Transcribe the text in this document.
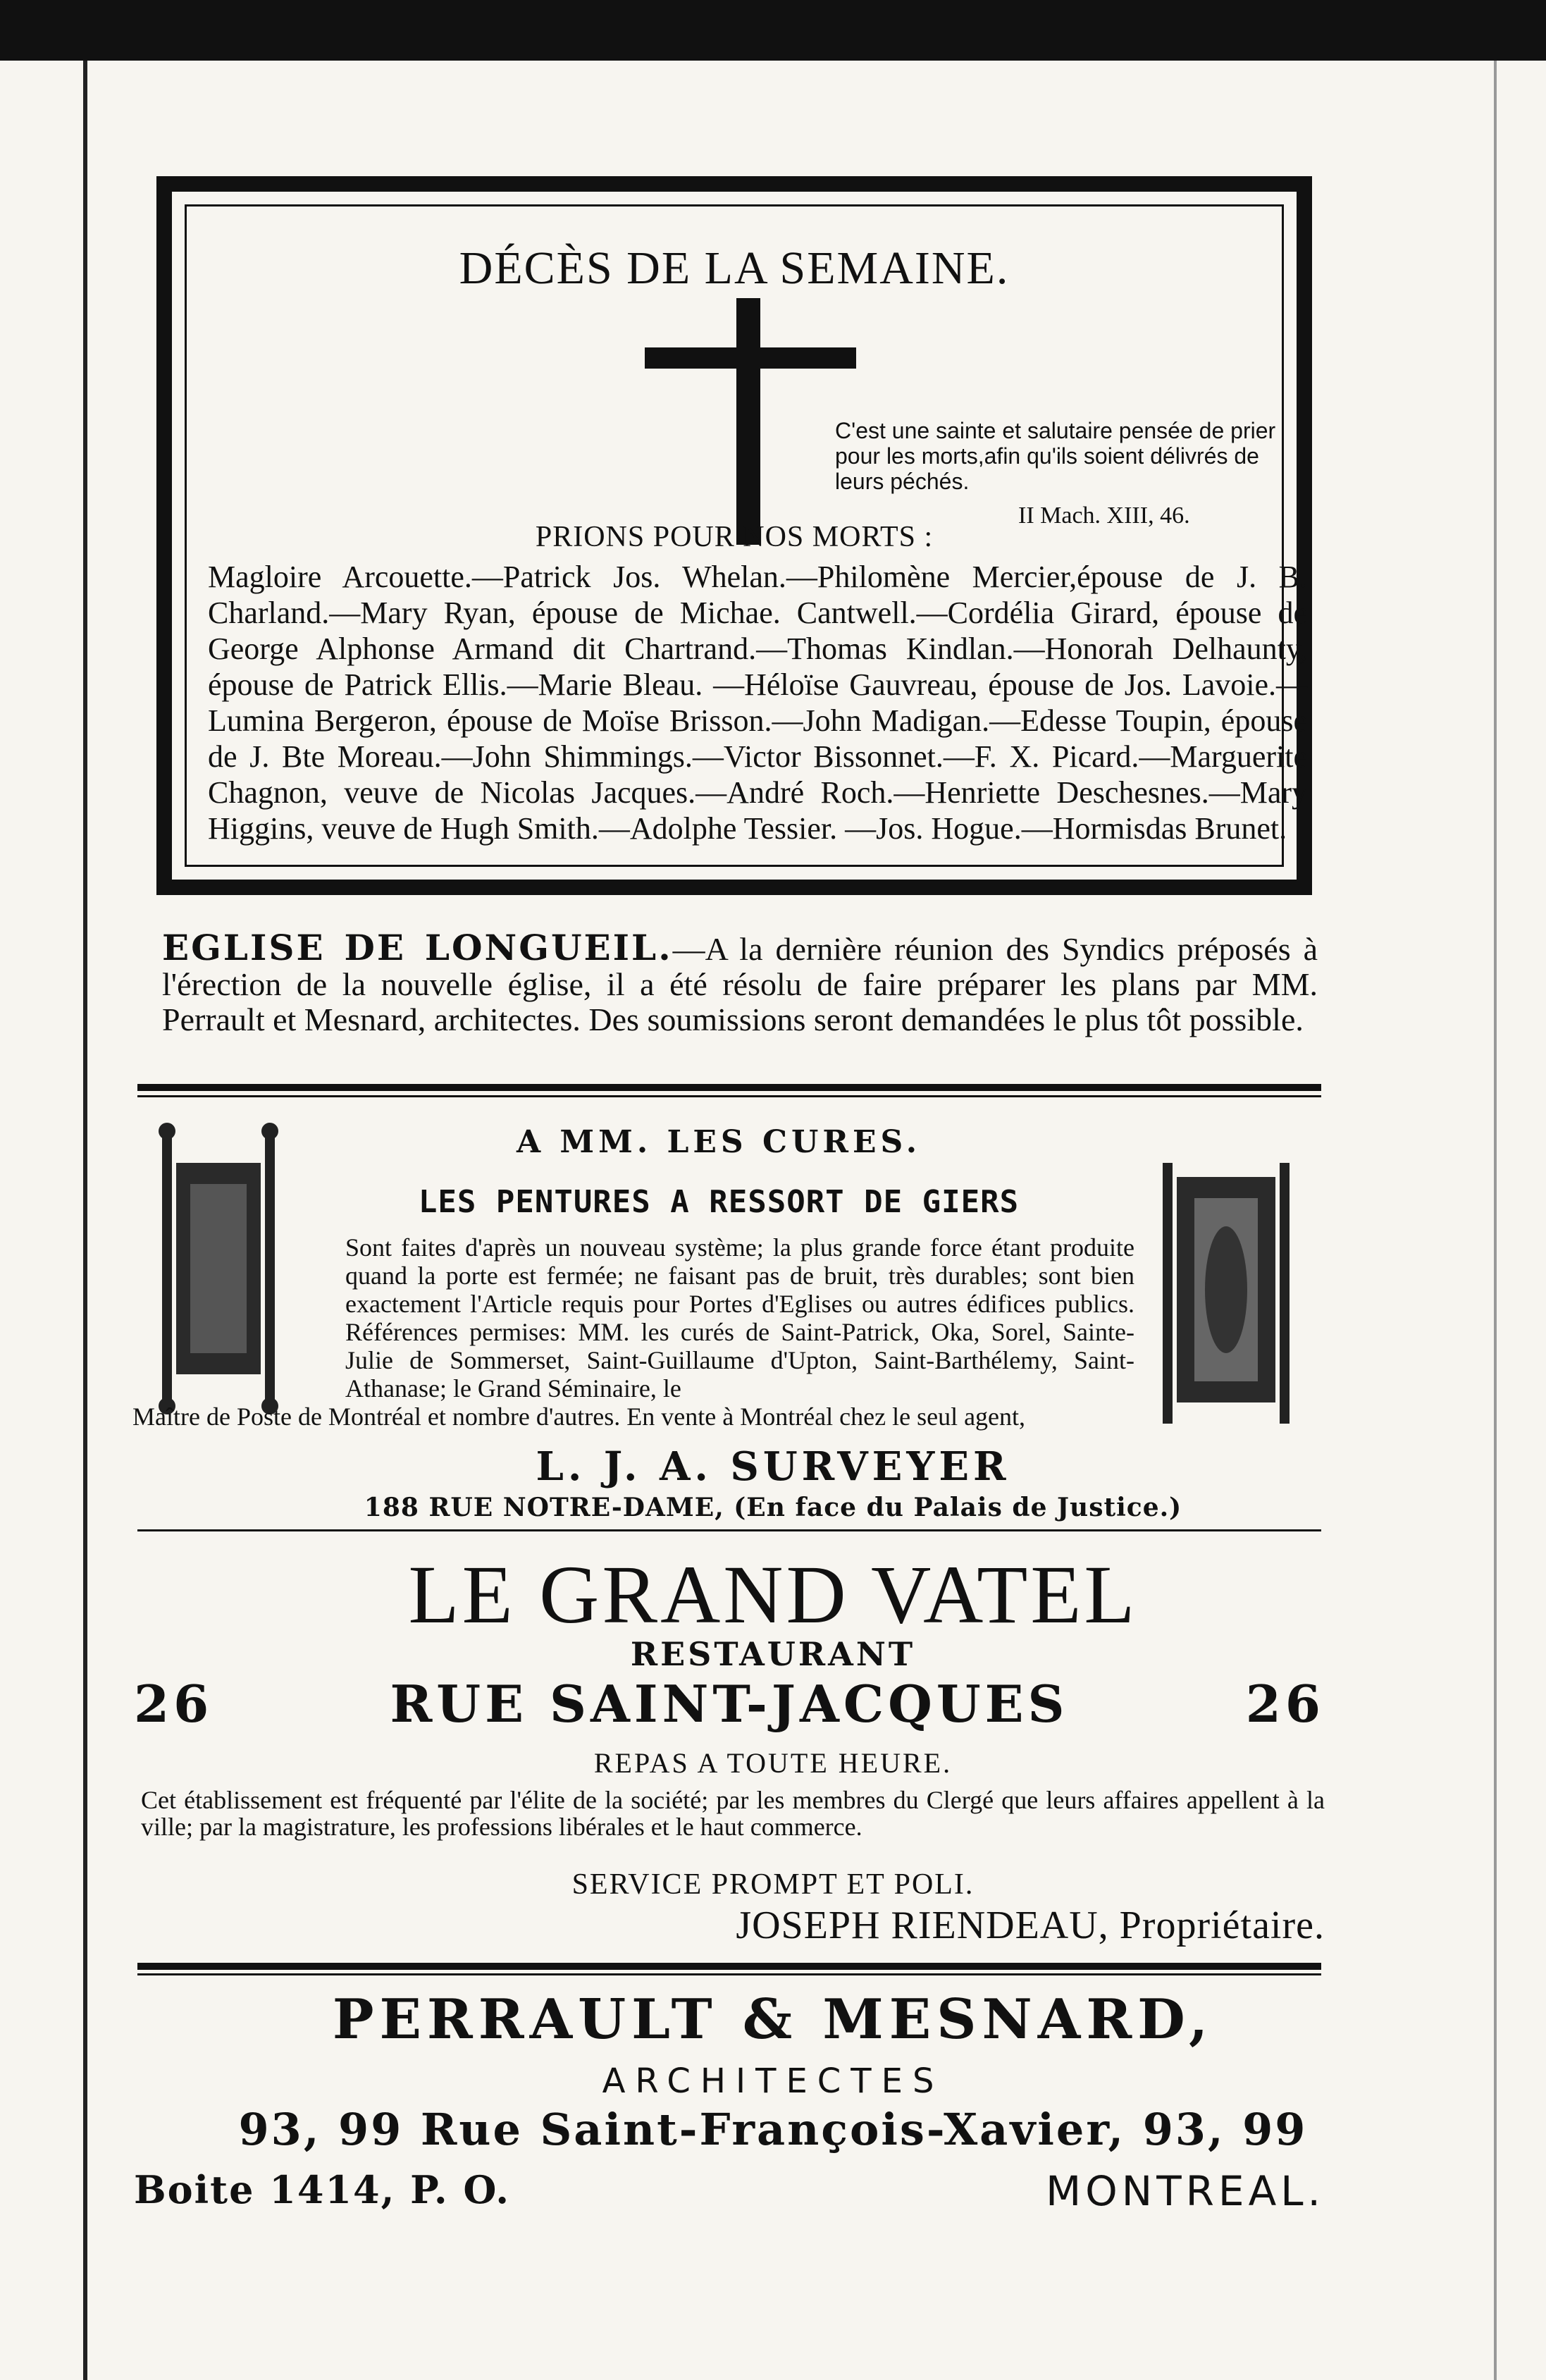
DÉCÈS DE LA SEMAINE.
C'est une sainte et salutaire pensée de prier pour les morts,afin qu'ils soient délivrés de leurs péchés.
II Mach. XIII, 46.
PRIONS POUR NOS MORTS :
Magloire Arcouette.—Patrick Jos. Whelan.—Philomène Mercier,épouse de J. B. Charland.—Mary Ryan, épouse de Michae. Cantwell.—Cordélia Girard, épouse de George Alphonse Armand dit Chartrand.—Thomas Kindlan.—Honorah Delhaunty, épouse de Patrick Ellis.—Marie Bleau. —Héloïse Gauvreau, épouse de Jos. Lavoie.—Lumina Bergeron, épouse de Moïse Brisson.—John Madigan.—Edesse Toupin, épouse de J. Bte Moreau.—John Shimmings.—Victor Bissonnet.—F. X. Picard.—Marguerite Chagnon, veuve de Nicolas Jacques.—André Roch.—Henriette Deschesnes.—Mary Higgins, veuve de Hugh Smith.—Adolphe Tessier. —Jos. Hogue.—Hormisdas Brunet.
EGLISE DE LONGUEIL.—A la dernière réunion des Syndics préposés à l'érection de la nouvelle église, il a été résolu de faire préparer les plans par MM. Perrault et Mesnard, architectes. Des soumissions seront demandées le plus tôt possible.
A MM. LES CURES.
LES PENTURES A RESSORT DE GIERS
Sont faites d'après un nouveau système; la plus grande force étant produite quand la porte est fermée; ne faisant pas de bruit, très durables; sont bien exactement l'Article requis pour Portes d'Eglises ou autres édifices publics. Références permises: MM. les curés de Saint-Patrick, Oka, Sorel, Sainte-Julie de Sommerset, Saint-Guillaume d'Upton, Saint-Barthélemy, Saint-Athanase; le Grand Séminaire, le
Maître de Poste de Montréal et nombre d'autres. En vente à Montréal chez le seul agent,
L. J. A. SURVEYER
188 RUE NOTRE-DAME, (En face du Palais de Justice.)
LE GRAND VATEL
RESTAURANT
26	RUE SAINT-JACQUES	26
REPAS A TOUTE HEURE.
Cet établissement est fréquenté par l'élite de la société; par les membres du Clergé que leurs affaires appellent à la ville; par la magistrature, les professions libérales et le haut commerce.
SERVICE PROMPT ET POLI.
JOSEPH RIENDEAU, Propriétaire.
PERRAULT & MESNARD,
ARCHITECTES
93, 99 Rue Saint-François-Xavier, 93, 99
Boite 1414, P. O.	MONTREAL.
